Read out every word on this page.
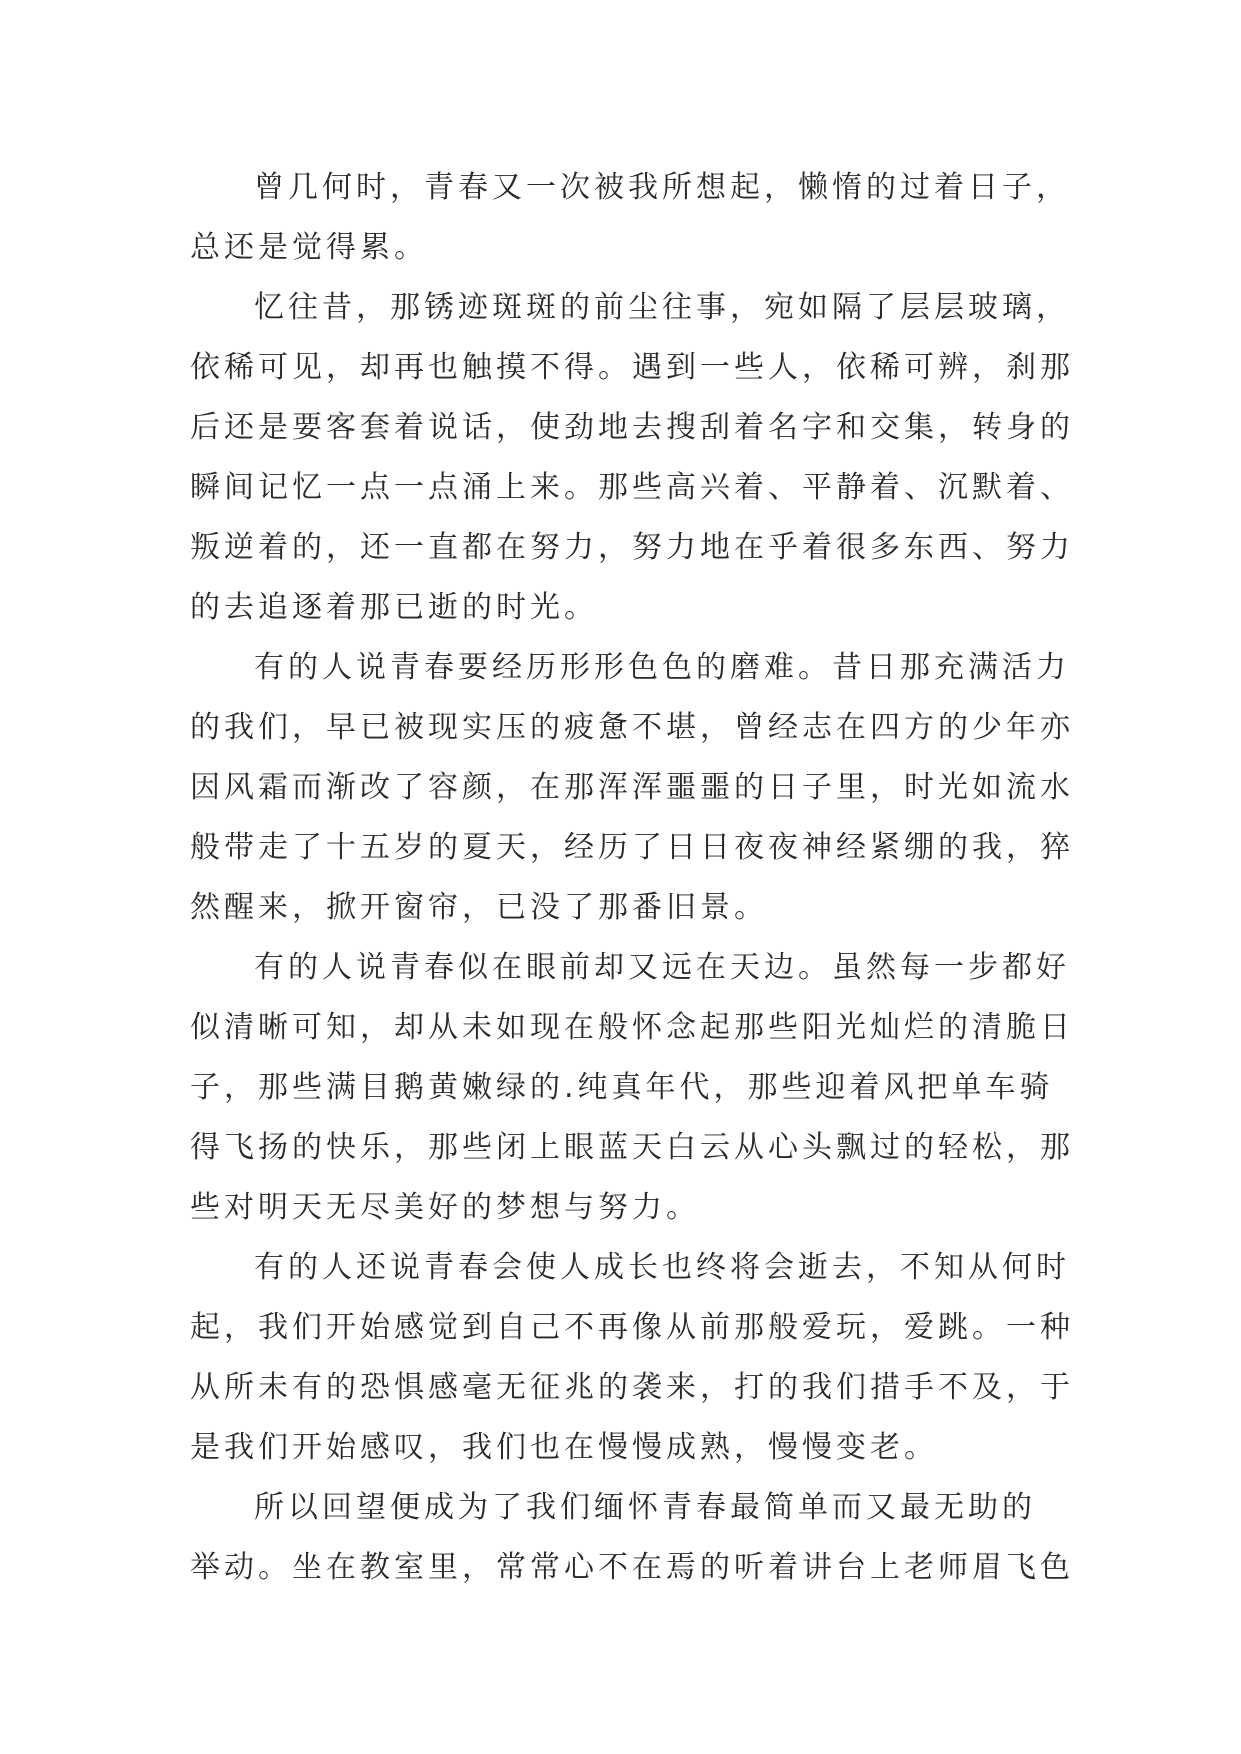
曾几何时，青春又一次被我所想起，懒惰的过着日子，
总还是觉得累。
忆往昔，那锈迹斑斑的前尘往事，宛如隔了层层玻璃，
依稀可见，却再也触摸不得。遇到一些人，依稀可辨，刹那
后还是要客套着说话，使劲地去搜刮着名字和交集，转身的
瞬间记忆一点一点涌上来。那些高兴着、平静着、沉默着、
叛逆着的，还一直都在努力，努力地在乎着很多东西、努力
的去追逐着那已逝的时光。
有的人说青春要经历形形色色的磨难。昔日那充满活力
的我们，早已被现实压的疲惫不堪，曾经志在四方的少年亦
因风霜而渐改了容颜，在那浑浑噩噩的日子里，时光如流水
般带走了十五岁的夏天，经历了日日夜夜神经紧绷的我，猝
然醒来，掀开窗帘，已没了那番旧景。
有的人说青春似在眼前却又远在天边。虽然每一步都好
似清晰可知，却从未如现在般怀念起那些阳光灿烂的清脆日
子，那些满目鹅黄嫩绿的.纯真年代，那些迎着风把单车骑
得飞扬的快乐，那些闭上眼蓝天白云从心头飘过的轻松，那
些对明天无尽美好的梦想与努力。
有的人还说青春会使人成长也终将会逝去，不知从何时
起，我们开始感觉到自己不再像从前那般爱玩，爱跳。一种
从所未有的恐惧感毫无征兆的袭来，打的我们措手不及，于
是我们开始感叹，我们也在慢慢成熟，慢慢变老。
所以回望便成为了我们缅怀青春最简单而又最无助的
举动。坐在教室里，常常心不在焉的听着讲台上老师眉飞色
